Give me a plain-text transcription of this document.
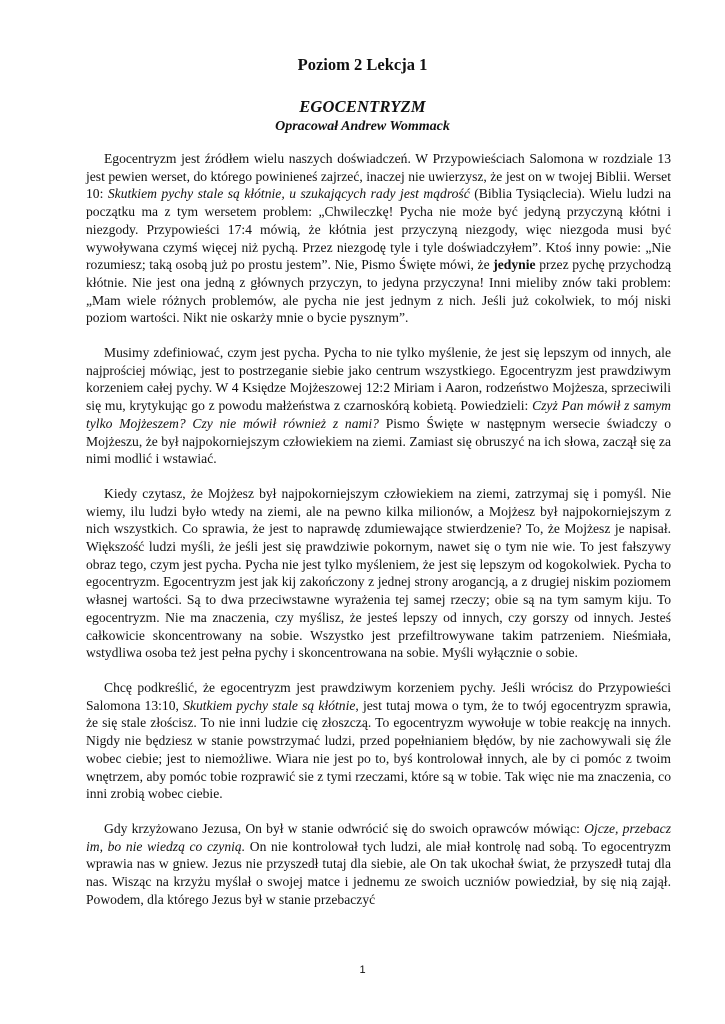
Poziom 2 Lekcja 1
EGOCENTRYZM
Opracował Andrew Wommack

Egocentryzm jest źródłem wielu naszych doświadczeń. W Przypowieściach Salomona w rozdziale 13 jest pewien werset, do którego powinieneś zajrzeć, inaczej nie uwierzysz, że jest on w twojej Biblii. Werset 10: Skutkiem pychy stale są kłótnie, u szukających rady jest mądrość (Biblia Tysiąclecia). Wielu ludzi na początku ma z tym wersetem problem: „Chwileczkę! Pycha nie może być jedyną przyczyną kłótni i niezgody. Przypowieści 17:4 mówią, że kłótnia jest przyczyną niezgody, więc niezgoda musi być wywoływana czymś więcej niż pychą. Przez niezgodę tyle i tyle doświadczyłem”. Ktoś inny powie: „Nie rozumiesz; taką osobą już po prostu jestem”. Nie, Pismo Święte mówi, że jedynie przez pychę przychodzą kłótnie. Nie jest ona jedną z głównych przyczyn, to jedyna przyczyna! Inni mieliby znów taki problem: „Mam wiele różnych problemów, ale pycha nie jest jednym z nich. Jeśli już cokolwiek, to mój niski poziom wartości. Nikt nie oskarży mnie o bycie pysznym”.

Musimy zdefiniować, czym jest pycha. Pycha to nie tylko myślenie, że jest się lepszym od innych, ale najprościej mówiąc, jest to postrzeganie siebie jako centrum wszystkiego. Egocentryzm jest prawdziwym korzeniem całej pychy. W 4 Księdze Mojżeszowej 12:2 Miriam i Aaron, rodzeństwo Mojżesza, sprzeciwili się mu, krytykując go z powodu małżeństwa z czarnoskórą kobietą. Powiedzieli: Czyż Pan mówił z samym tylko Mojżeszem? Czy nie mówił również z nami? Pismo Święte w następnym wersecie świadczy o Mojżeszu, że był najpokorniejszym człowiekiem na ziemi. Zamiast się obruszyć na ich słowa, zaczął się za nimi modlić i wstawiać.

Kiedy czytasz, że Mojżesz był najpokorniejszym człowiekiem na ziemi, zatrzymaj się i pomyśl. Nie wiemy, ilu ludzi było wtedy na ziemi, ale na pewno kilka milionów, a Mojżesz był najpokorniejszym z nich wszystkich. Co sprawia, że jest to naprawdę zdumiewające stwierdzenie? To, że Mojżesz je napisał. Większość ludzi myśli, że jeśli jest się prawdziwie pokornym, nawet się o tym nie wie. To jest fałszywy obraz tego, czym jest pycha. Pycha nie jest tylko myśleniem, że jest się lepszym od kogokolwiek. Pycha to egocentryzm. Egocentryzm jest jak kij zakończony z jednej strony arogancją, a z drugiej niskim poziomem własnej wartości. Są to dwa przeciwstawne wyrażenia tej samej rzeczy; obie są na tym samym kiju. To egocentryzm. Nie ma znaczenia, czy myślisz, że jesteś lepszy od innych, czy gorszy od innych. Jesteś całkowicie skoncentrowany na sobie. Wszystko jest przefiltrowywane takim patrzeniem. Nieśmiała, wstydliwa osoba też jest pełna pychy i skoncentrowana na sobie. Myśli wyłącznie o sobie.

Chcę podkreślić, że egocentryzm jest prawdziwym korzeniem pychy. Jeśli wrócisz do Przypowieści Salomona 13:10, Skutkiem pychy stale są kłótnie, jest tutaj mowa o tym, że to twój egocentryzm sprawia, że się stale złościsz. To nie inni ludzie cię złoszczą. To egocentryzm wywołuje w tobie reakcję na innych. Nigdy nie będziesz w stanie powstrzymać ludzi, przed popełnianiem błędów, by nie zachowywali się źle wobec ciebie; jest to niemożliwe. Wiara nie jest po to, byś kontrolował innych, ale by ci pomóc z twoim wnętrzem, aby pomóc tobie rozprawić sie z tymi rzeczami, które są w tobie. Tak więc nie ma znaczenia, co inni zrobią wobec ciebie.

Gdy krzyżowano Jezusa, On był w stanie odwrócić się do swoich oprawców mówiąc: Ojcze, przebacz im, bo nie wiedzą co czynią. On nie kontrolował tych ludzi, ale miał kontrolę nad sobą. To egocentryzm wprawia nas w gniew. Jezus nie przyszedł tutaj dla siebie, ale On tak ukochał świat, że przyszedł tutaj dla nas. Wisząc na krzyżu myślał o swojej matce i jednemu ze swoich uczniów powiedział, by się nią zajął. Powodem, dla którego Jezus był w stanie przebaczyć

1
